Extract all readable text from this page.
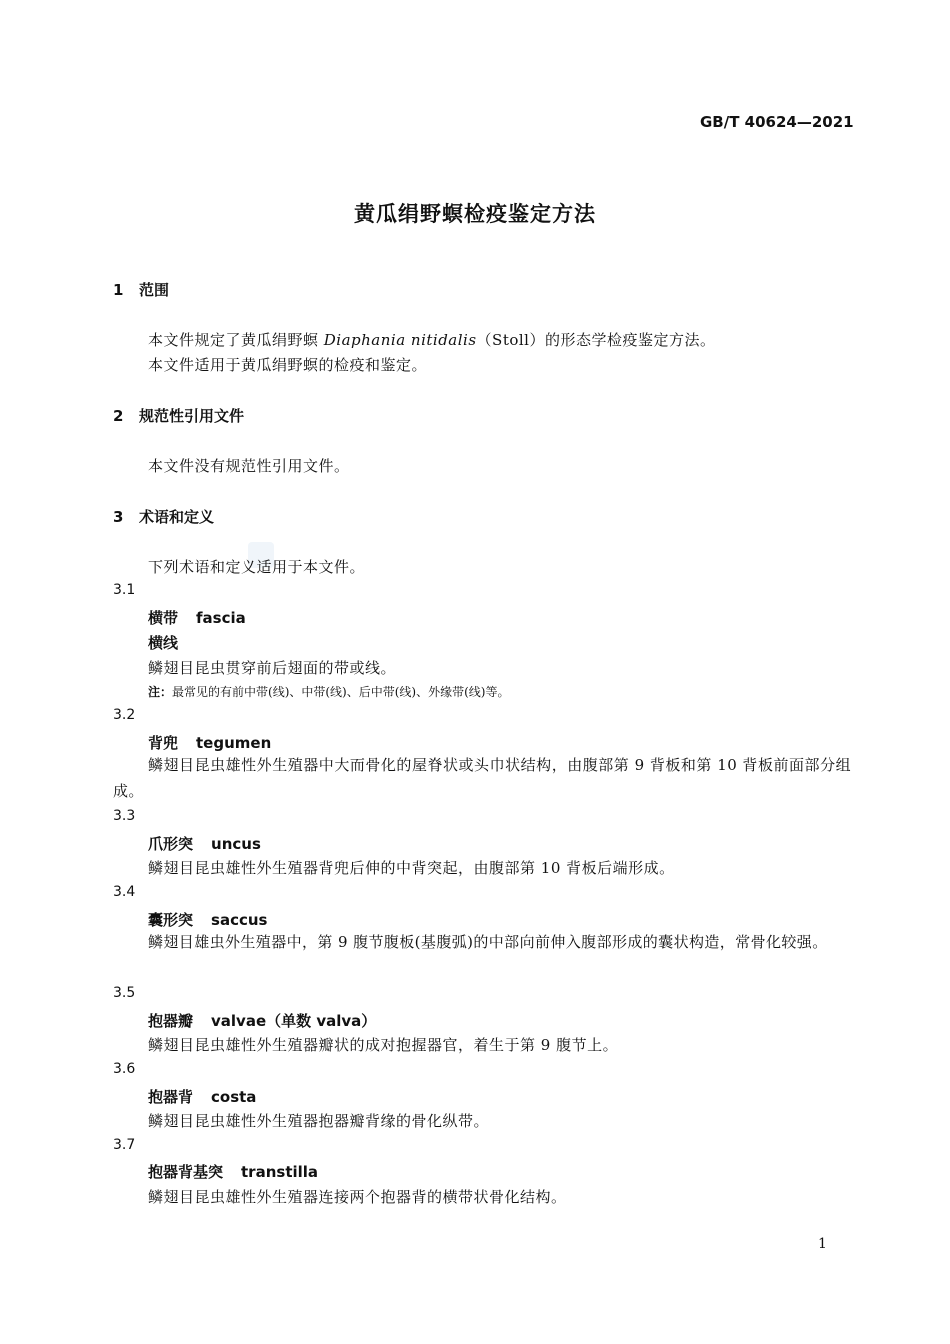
GB/T 40624—2021
黄瓜绢野螟检疫鉴定方法
1 范围
本文件规定了黄瓜绢野螟 Diaphania nitidalis（Stoll）的形态学检疫鉴定方法。
本文件适用于黄瓜绢野螟的检疫和鉴定。
2 规范性引用文件
本文件没有规范性引用文件。
3 术语和定义
下列术语和定义适用于本文件。
3.1
横带 fascia
横线
鳞翅目昆虫贯穿前后翅面的带或线。
注：最常见的有前中带(线)、中带(线)、后中带(线)、外缘带(线)等。
3.2
背兜 tegumen
鳞翅目昆虫雄性外生殖器中大而骨化的屋脊状或头巾状结构，由腹部第 9 背板和第 10 背板前面部分组成。
3.3
爪形突 uncus
鳞翅目昆虫雄性外生殖器背兜后伸的中背突起，由腹部第 10 背板后端形成。
3.4
囊形突 saccus
鳞翅目雄虫外生殖器中，第 9 腹节腹板(基腹弧)的中部向前伸入腹部形成的囊状构造，常骨化较强。
3.5
抱器瓣 valvae（单数 valva）
鳞翅目昆虫雄性外生殖器瓣状的成对抱握器官，着生于第 9 腹节上。
3.6
抱器背 costa
鳞翅目昆虫雄性外生殖器抱器瓣背缘的骨化纵带。
3.7
抱器背基突 transtilla
鳞翅目昆虫雄性外生殖器连接两个抱器背的横带状骨化结构。
1
